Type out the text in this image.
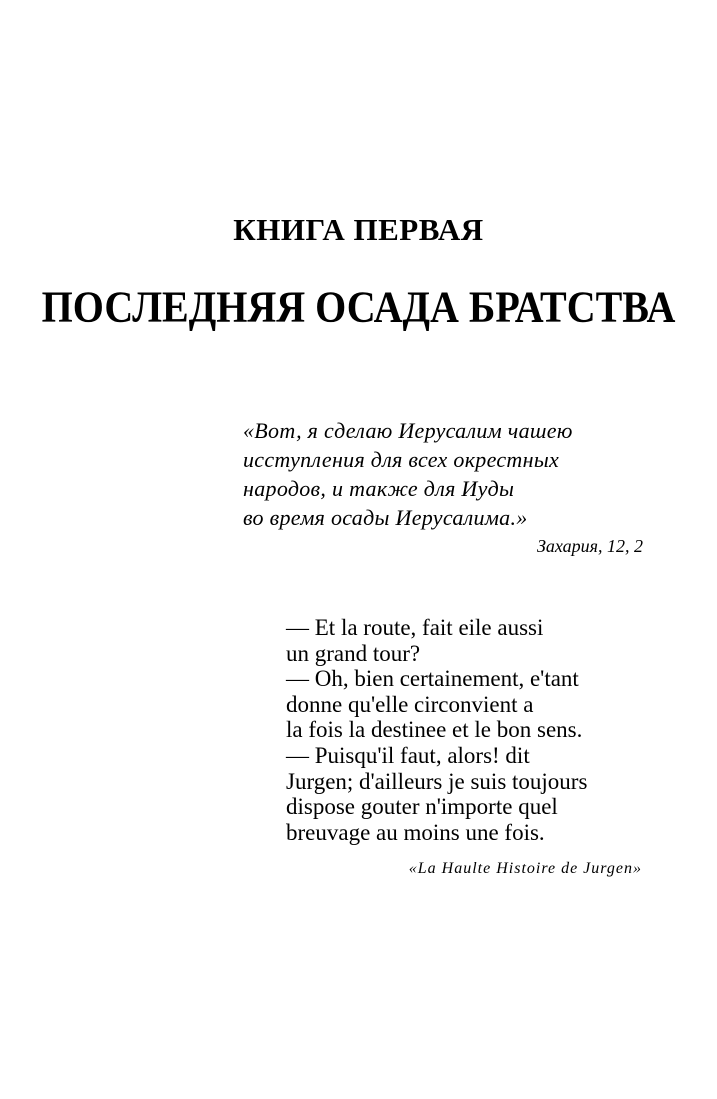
КНИГА ПЕРВАЯ
ПОСЛЕДНЯЯ ОСАДА БРАТСТВА
«Вот, я сделаю Иерусалим чашею
исступления для всех окрестных
народов, и также для Иуды
во время осады Иерусалима.»
Захария, 12, 2
— Et la route, fait eile aussi
un grand tour?
— Oh, bien certainement, e'tant
donne qu'elle circonvient a
la fois la destinee et le bon sens.
— Puisqu'il faut, alors! dit
Jurgen; d'ailleurs je suis toujours
dispose gouter n'importe quel
breuvage au moins une fois.
«La Haulte Histoire de Jurgen»
